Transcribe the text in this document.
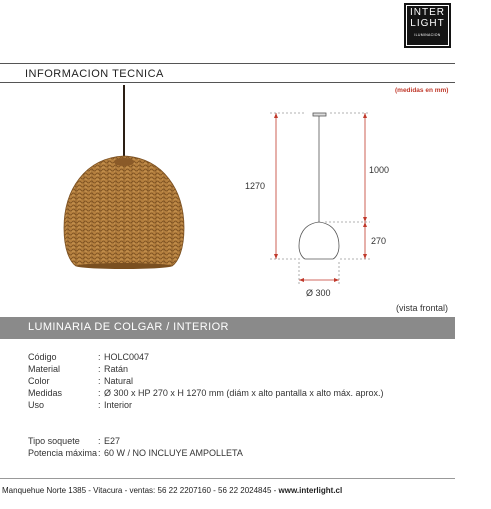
INTER
LIGHT
ILUMINACION
INFORMACION TECNICA
(medidas en mm)
1270
1000
270
Ø 300
(vista frontal)
LUMINARIA DE COLGAR / INTERIOR
Código	: HOLC0047
Material	: Ratán
Color	: Natural
Medidas	: Ø 300 x HP 270 x H 1270 mm (diám x alto pantalla x alto máx. aprox.)
Uso	: Interior
Tipo soquete : E27
Potencia máxima : 60 W / NO INCLUYE AMPOLLETA
Manquehue Norte 1385 - Vitacura - ventas: 56 22 2207160 - 56 22 2024845 - www.interlight.cl
